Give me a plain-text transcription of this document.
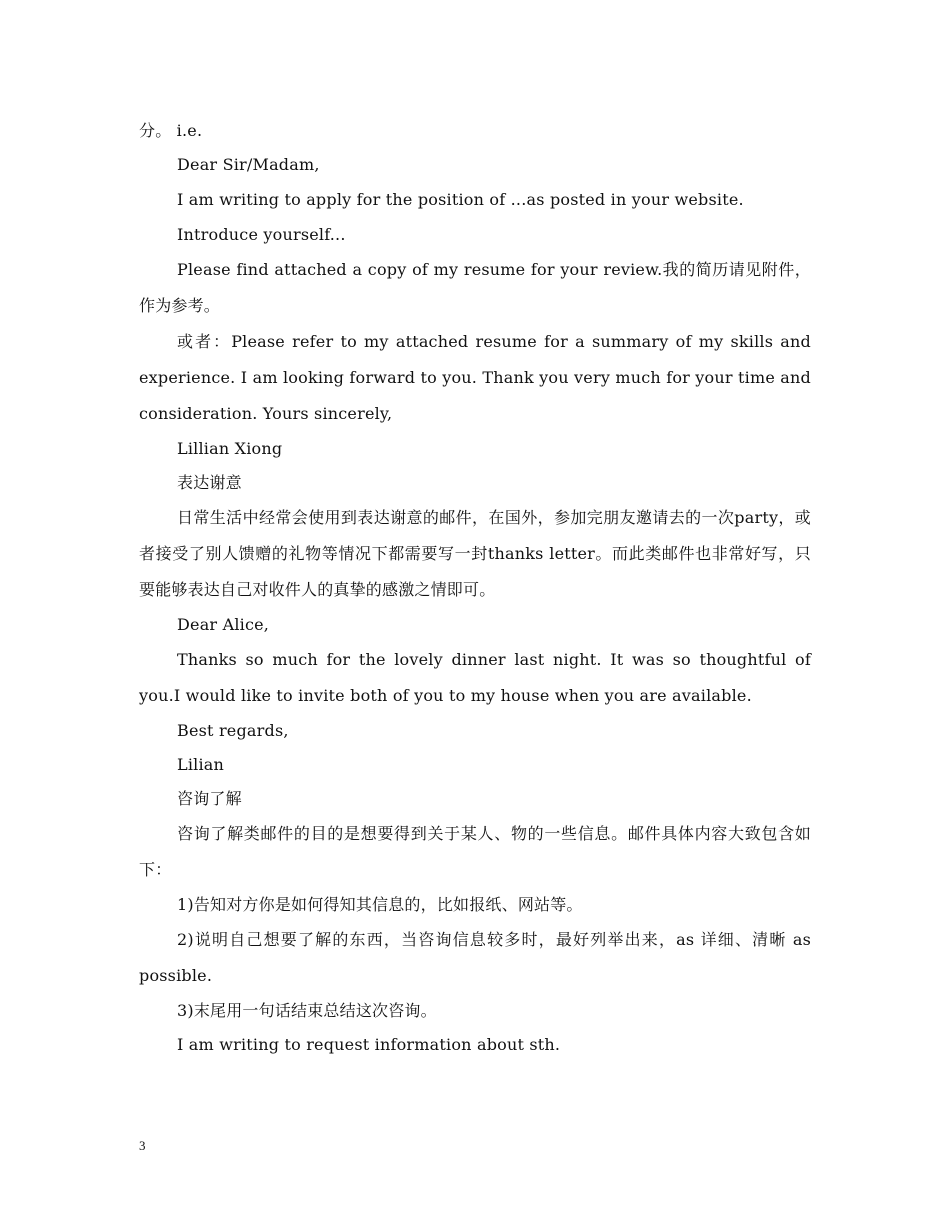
分。 i.e.

Dear Sir/Madam,

I am writing to apply for the position of ...as posted in your website.

Introduce yourself...

Please find attached a copy of my resume for your review.我的简历请见附件，作为参考。

或者：Please refer to my attached resume for a summary of my skills and experience. I am looking forward to you. Thank you very much for your time and consideration. Yours sincerely,

Lillian Xiong

表达谢意

日常生活中经常会使用到表达谢意的邮件，在国外，参加完朋友邀请去的一次party，或者接受了别人馈赠的礼物等情况下都需要写一封thanks letter。而此类邮件也非常好写，只要能够表达自己对收件人的真挚的感激之情即可。

Dear Alice,

Thanks so much for the lovely dinner last night. It was so thoughtful of you.I would like to invite both of you to my house when you are available.

Best regards,

Lilian

咨询了解

咨询了解类邮件的目的是想要得到关于某人、物的一些信息。邮件具体内容大致包含如下：

1)告知对方你是如何得知其信息的，比如报纸、网站等。

2)说明自己想要了解的东西，当咨询信息较多时，最好列举出来，as 详细、清晰 as possible.

3)末尾用一句话结束总结这次咨询。

I am writing to request information about sth.

3
